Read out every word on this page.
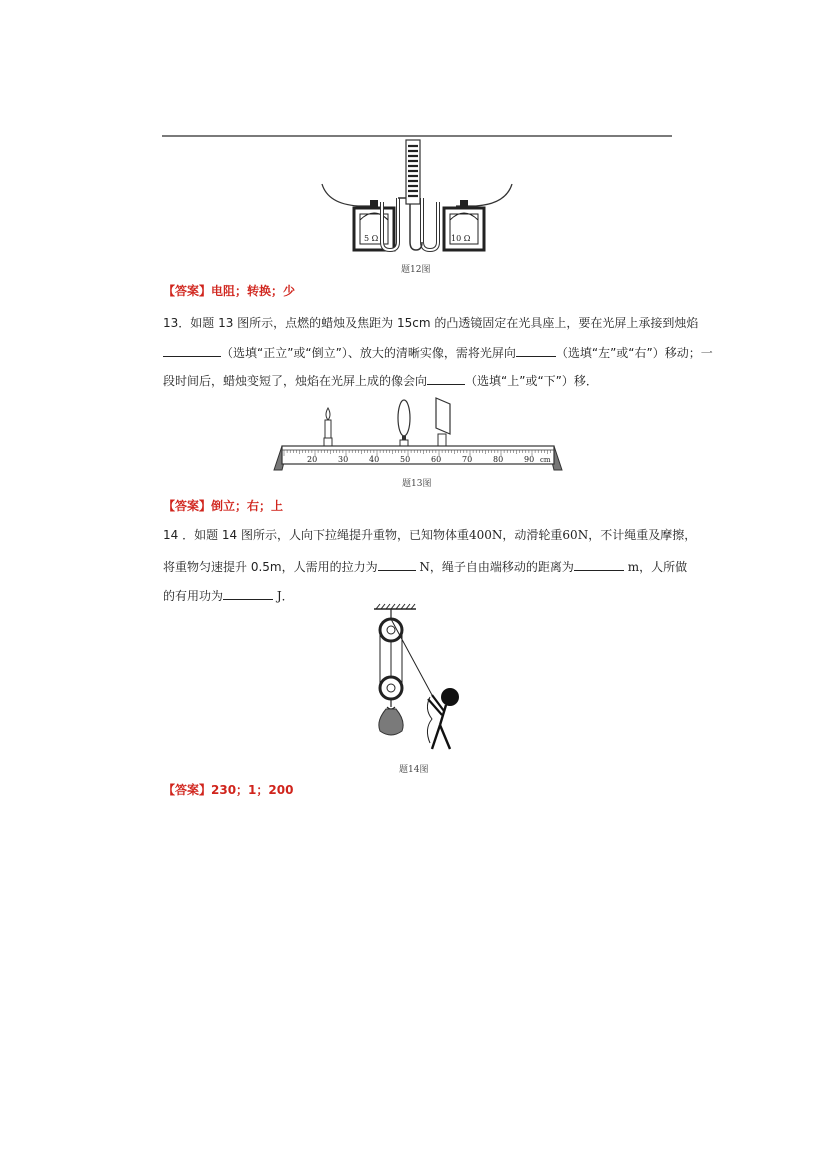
5 Ω	10 Ω
题12图
【答案】电阻；转换；少
13．如题 13 图所示，点燃的蜡烛及焦距为 15cm 的凸透镜固定在光具座上，要在光屏上承接到烛焰
（选填“正立”或“倒立”）、放大的清晰实像，需将光屏向	（选填“左”或“右”）移动；一
段时间后，蜡烛变短了，烛焰在光屏上成的像会向	（选填“上”或“下”）移．
20	30	40	50	60	70	80	90 cm
题13图
【答案】倒立；右；上
14 ．如题 14 图所示，人向下拉绳提升重物，已知物体重400N，动滑轮重60N，不计绳重及摩擦，
将重物匀速提升 0.5m，人需用的拉力为	N，绳子自由端移动的距离为	m，人所做
的有用功为	J．
题14图
【答案】230；1；200
